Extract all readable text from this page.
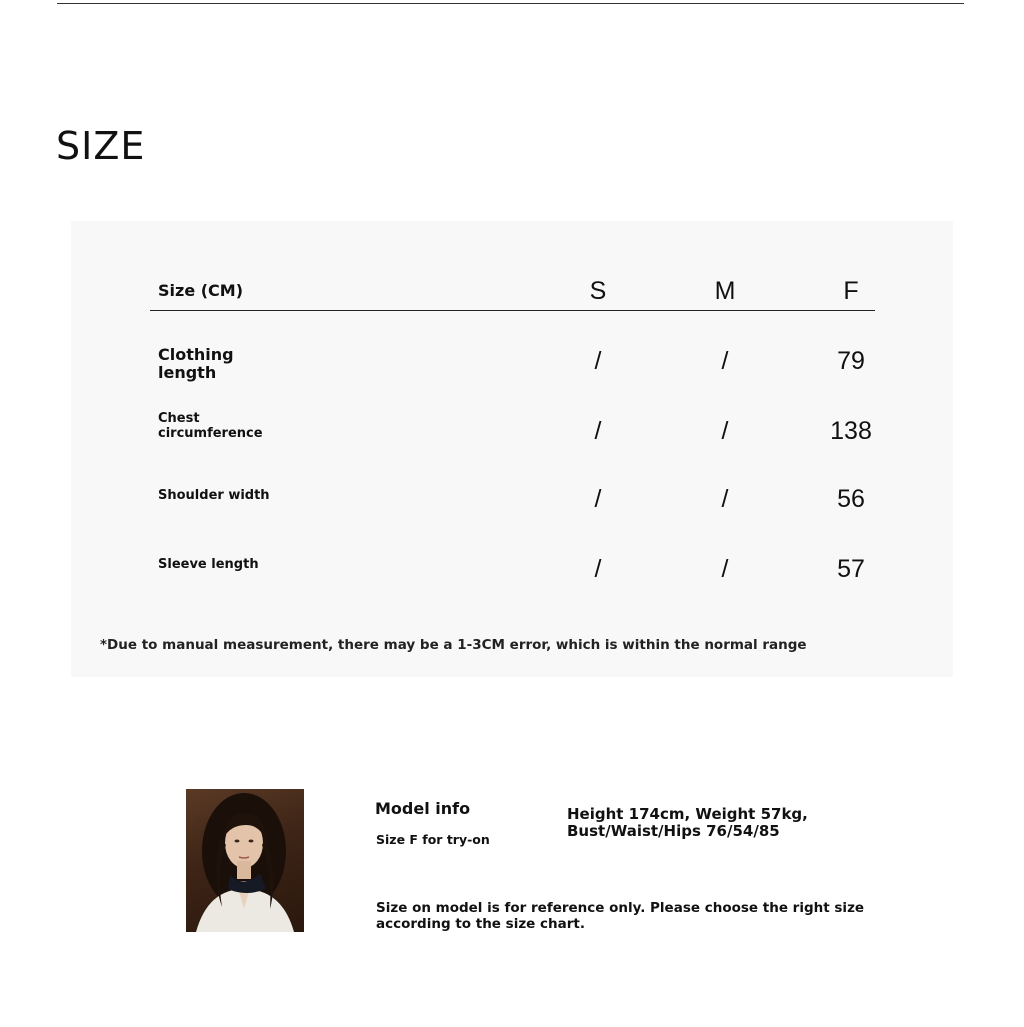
SIZE
Size (CM)	S	M	F
Clothing
length	/	/	79
Chest
circumference	/	/	138
Shoulder width	/	/	56
Sleeve length	/	/	57
*Due to manual measurement, there may be a 1-3CM error, which is within the normal range
Model info
Size F for try-on
Height 174cm, Weight 57kg,
Bust/Waist/Hips 76/54/85
Size on model is for reference only. Please choose the right size according to the size chart.
